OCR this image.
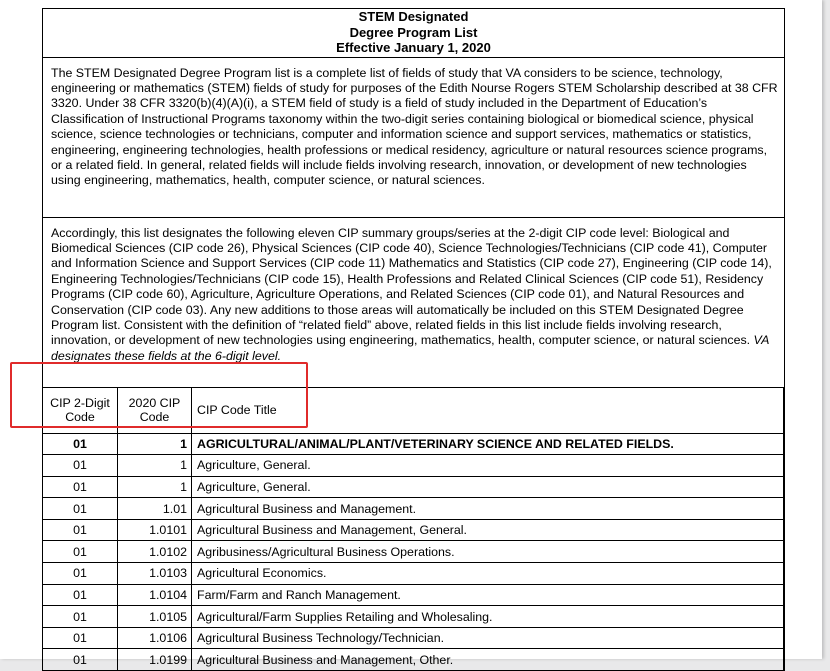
STEM Designated
Degree Program List
Effective January 1, 2020
The STEM Designated Degree Program list is a complete list of fields of study that VA considers to be science, technology, engineering or mathematics (STEM) fields of study for purposes of the Edith Nourse Rogers STEM Scholarship described at 38 CFR 3320. Under 38 CFR 3320(b)(4)(A)(i), a STEM field of study is a field of study included in the Department of Education’s Classification of Instructional Programs taxonomy within the two-digit series containing biological or biomedical science, physical science, science technologies or technicians, computer and information science and support services, mathematics or statistics, engineering, engineering technologies, health professions or medical residency, agriculture or natural resources science programs, or a related field. In general, related fields will include fields involving research, innovation, or development of new technologies using engineering, mathematics, health, computer science, or natural sciences.
Accordingly, this list designates the following eleven CIP summary groups/series at the 2-digit CIP code level: Biological and Biomedical Sciences (CIP code 26), Physical Sciences (CIP code 40), Science Technologies/Technicians (CIP code 41), Computer and Information Science and Support Services (CIP code 11) Mathematics and Statistics (CIP code 27), Engineering (CIP code 14), Engineering Technologies/Technicians (CIP code 15), Health Professions and Related Clinical Sciences (CIP code 51), Residency Programs (CIP code 60), Agriculture, Agriculture Operations, and Related Sciences (CIP code 01), and Natural Resources and Conservation (CIP code 03). Any new additions to those areas will automatically be included on this STEM Designated Degree Program list. Consistent with the definition of “related field” above, related fields in this list include fields involving research, innovation, or development of new technologies using engineering, mathematics, health, computer science, or natural sciences. VA designates these fields at the 6-digit level.
CIP 2-Digit Code	2020 CIP Code	CIP Code Title
01	1	AGRICULTURAL/ANIMAL/PLANT/VETERINARY SCIENCE AND RELATED FIELDS.
01	1	Agriculture, General.
01	1	Agriculture, General.
01	1.01	Agricultural Business and Management.
01	1.0101	Agricultural Business and Management, General.
01	1.0102	Agribusiness/Agricultural Business Operations.
01	1.0103	Agricultural Economics.
01	1.0104	Farm/Farm and Ranch Management.
01	1.0105	Agricultural/Farm Supplies Retailing and Wholesaling.
01	1.0106	Agricultural Business Technology/Technician.
01	1.0199	Agricultural Business and Management, Other.
